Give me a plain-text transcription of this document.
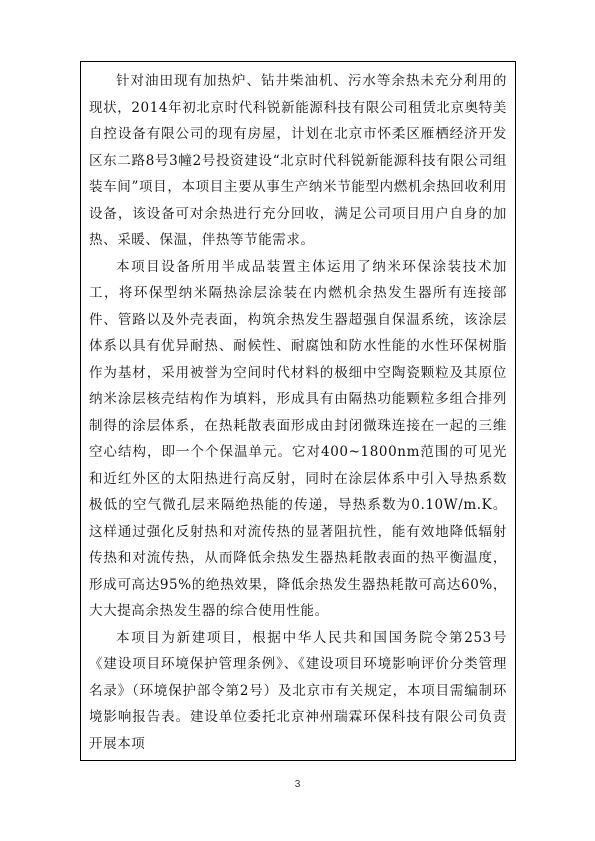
针对油田现有加热炉、钻井柴油机、污水等余热未充分利用的现状，2014年初北京时代科锐新能源科技有限公司租赁北京奥特美自控设备有限公司的现有房屋，计划在北京市怀柔区雁栖经济开发区东二路8号3幢2号投资建设“北京时代科锐新能源科技有限公司组装车间”项目，本项目主要从事生产纳米节能型内燃机余热回收利用设备，该设备可对余热进行充分回收，满足公司项目用户自身的加热、采暖、保温，伴热等节能需求。

本项目设备所用半成品装置主体运用了纳米环保涂装技术加工，将环保型纳米隔热涂层涂装在内燃机余热发生器所有连接部件、管路以及外壳表面，构筑余热发生器超强自保温系统，该涂层体系以具有优异耐热、耐候性、耐腐蚀和防水性能的水性环保树脂作为基材，采用被誉为空间时代材料的极细中空陶瓷颗粒及其原位纳米涂层核壳结构作为填料，形成具有由隔热功能颗粒多组合排列制得的涂层体系，在热耗散表面形成由封闭微珠连接在一起的三维空心结构，即一个个保温单元。它对400~1800nm范围的可见光和近红外区的太阳热进行高反射，同时在涂层体系中引入导热系数极低的空气微孔层来隔绝热能的传递，导热系数为0.10W/m.K。这样通过强化反射热和对流传热的显著阻抗性，能有效地降低辐射传热和对流传热，从而降低余热发生器热耗散表面的热平衡温度，形成可高达95%的绝热效果，降低余热发生器热耗散可高达60%，大大提高余热发生器的综合使用性能。

本项目为新建项目，根据中华人民共和国国务院令第253号《建设项目环境保护管理条例》、《建设项目环境影响评价分类管理名录》（环境保护部令第2号）及北京市有关规定，本项目需编制环境影响报告表。建设单位委托北京神州瑞霖环保科技有限公司负责开展本项

3
